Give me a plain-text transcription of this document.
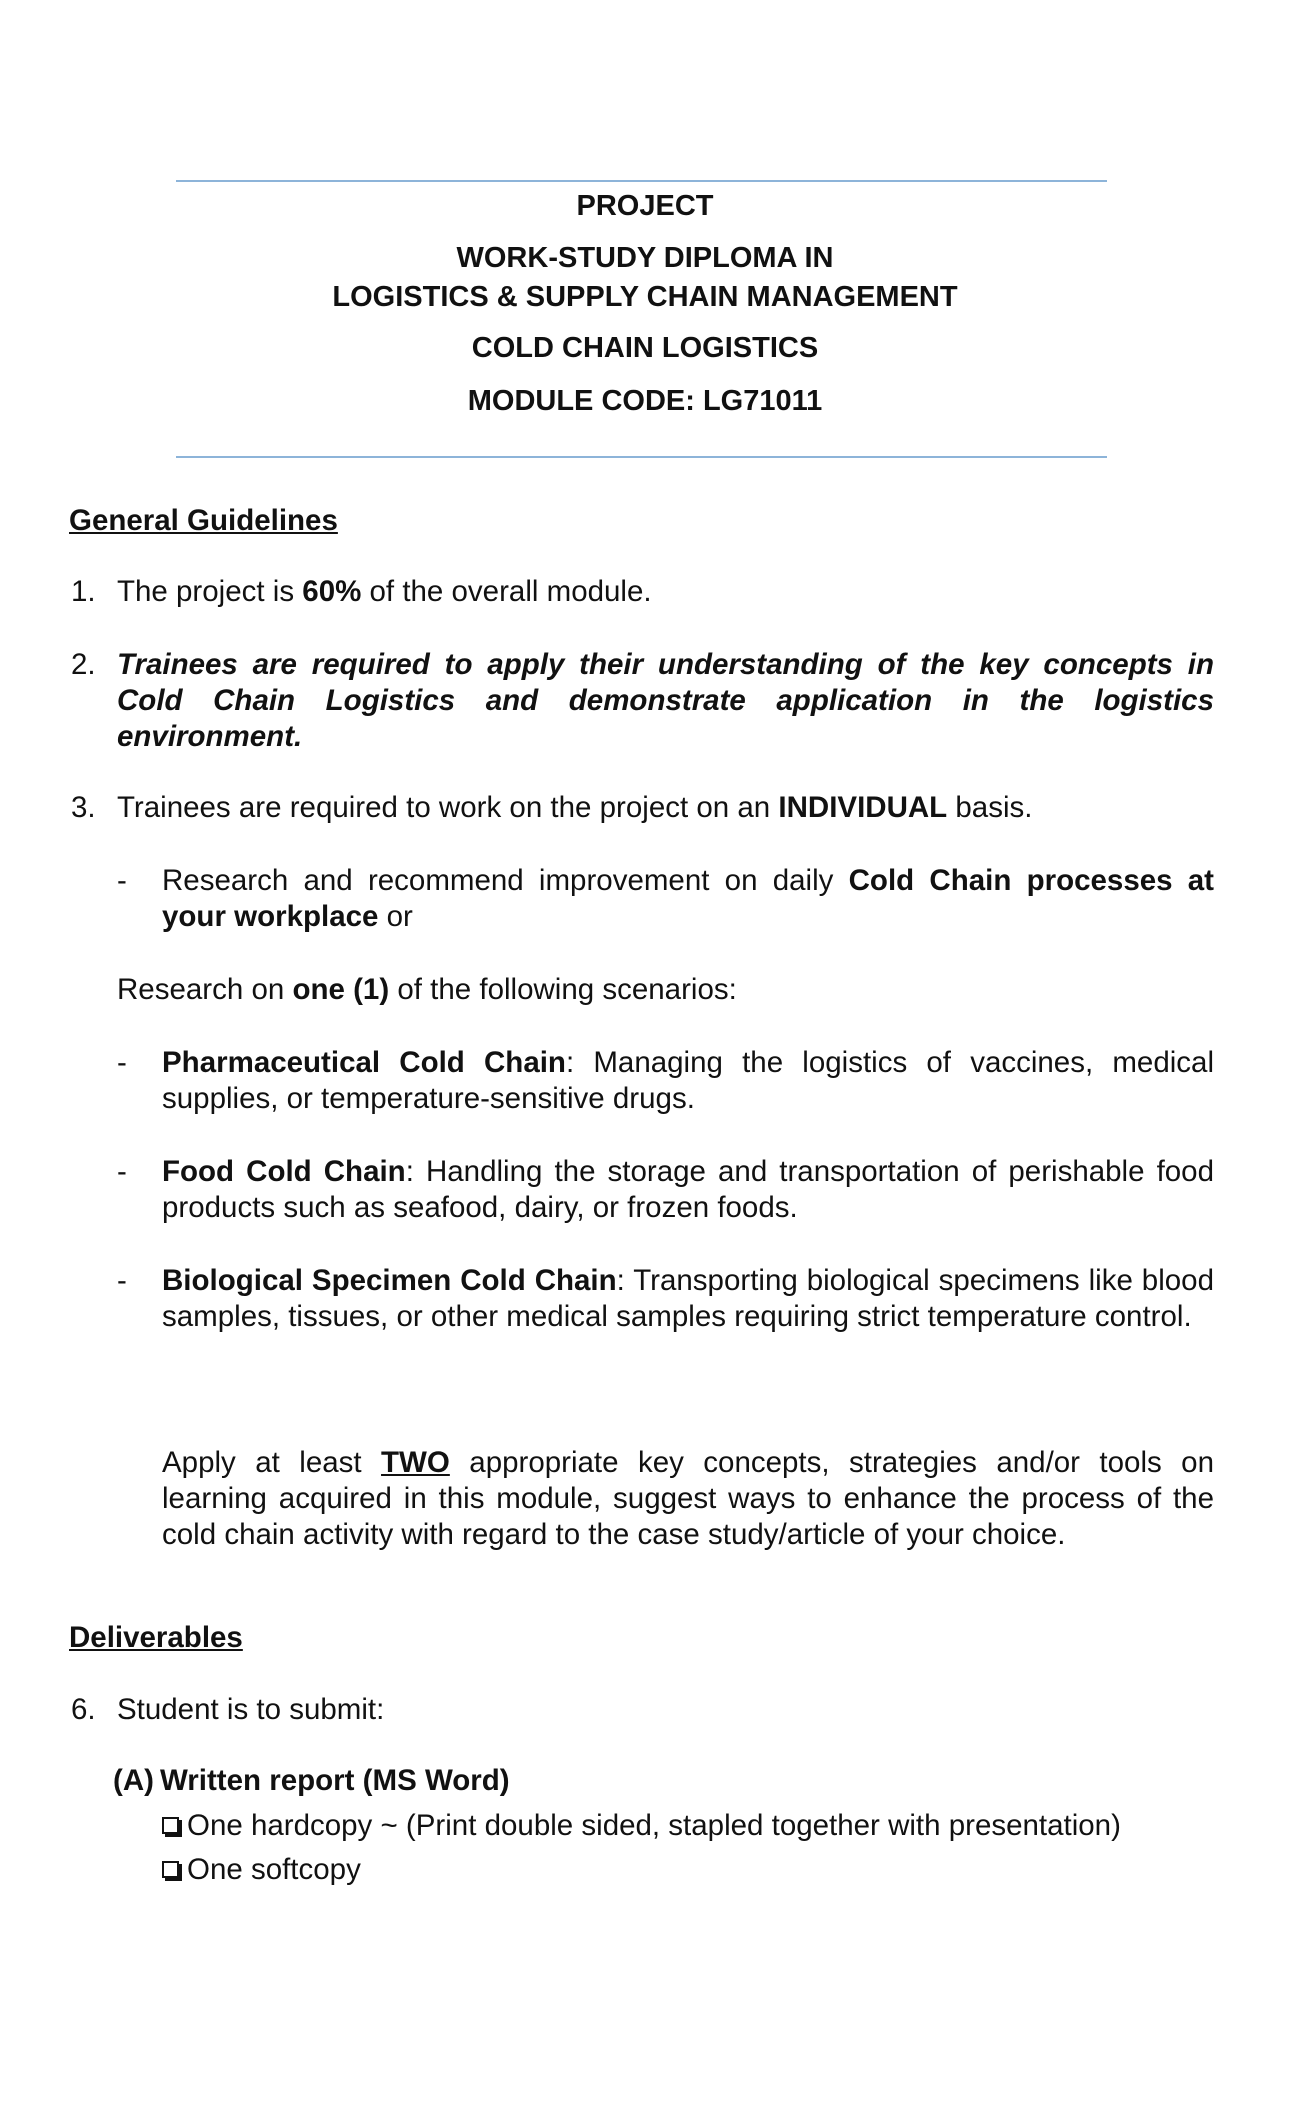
PROJECT
WORK-STUDY DIPLOMA IN
LOGISTICS & SUPPLY CHAIN MANAGEMENT
COLD CHAIN LOGISTICS
MODULE CODE: LG71011
General Guidelines
1. The project is 60% of the overall module.
2. Trainees are required to apply their understanding of the key concepts in Cold Chain Logistics and demonstrate application in the logistics environment.
3. Trainees are required to work on the project on an INDIVIDUAL basis.
- Research and recommend improvement on daily Cold Chain processes at your workplace or
Research on one (1) of the following scenarios:
- Pharmaceutical Cold Chain: Managing the logistics of vaccines, medical supplies, or temperature-sensitive drugs.
- Food Cold Chain: Handling the storage and transportation of perishable food products such as seafood, dairy, or frozen foods.
- Biological Specimen Cold Chain: Transporting biological specimens like blood samples, tissues, or other medical samples requiring strict temperature control.
Apply at least TWO appropriate key concepts, strategies and/or tools on learning acquired in this module, suggest ways to enhance the process of the cold chain activity with regard to the case study/article of your choice.
Deliverables
6. Student is to submit:
(A) Written report (MS Word)
One hardcopy ~ (Print double sided, stapled together with presentation)
One softcopy
